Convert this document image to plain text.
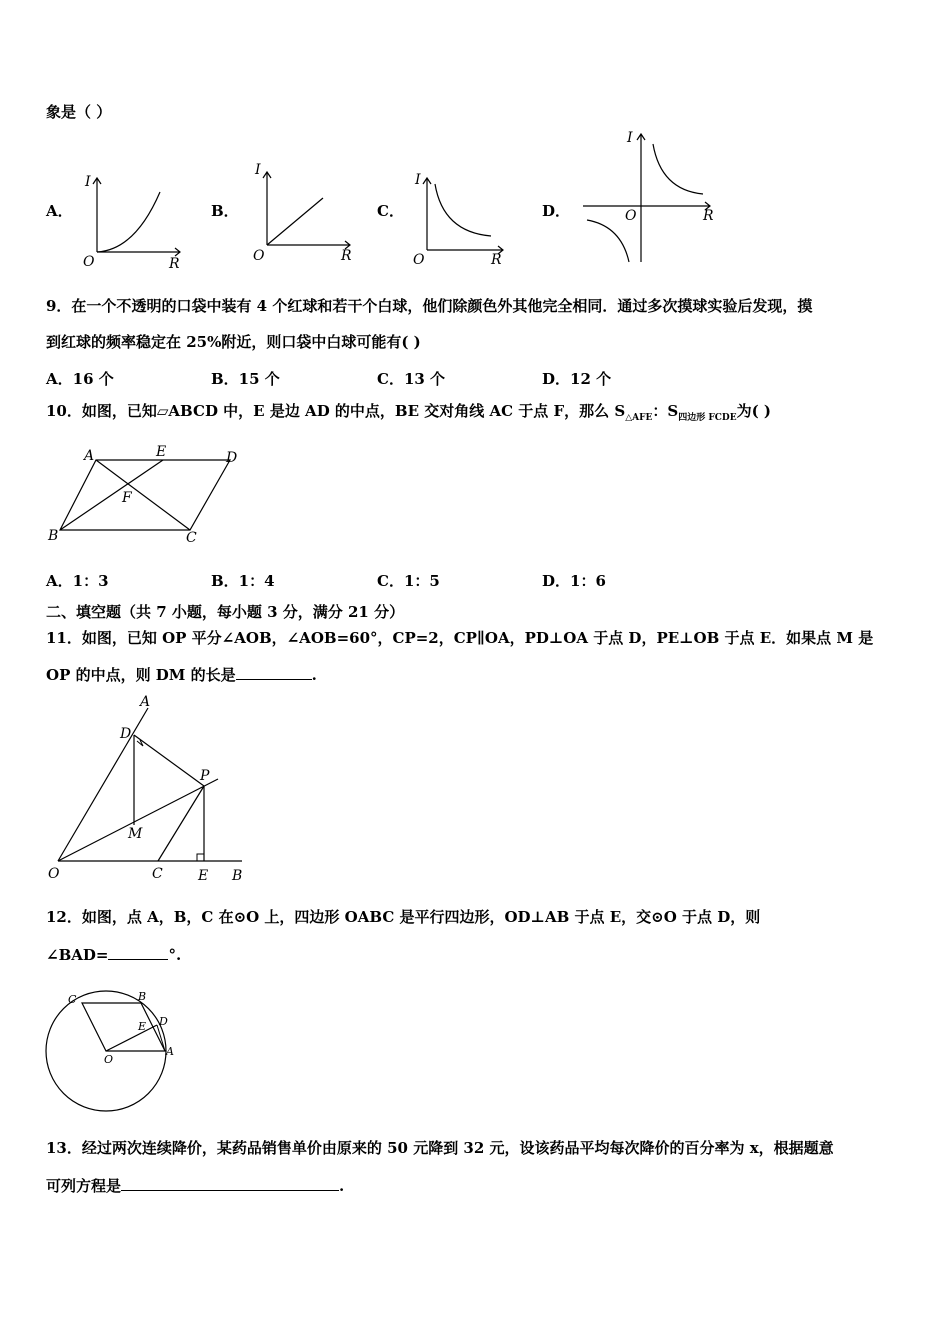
象是（ ）
A．	B．	C．	D．
I
R
O
I
R
O
I
R
O
I
R
O
9．在一个不透明的口袋中装有 4 个红球和若干个白球，他们除颜色外其他完全相同．通过多次摸球实验后发现，摸
到红球的频率稳定在 25%附近，则口袋中白球可能有( )
A．16 个	B．15 个	C．13 个	D．12 个
10．如图，已知▱ABCD 中，E 是边 AD 的中点，BE 交对角线 AC 于点 F，那么 $S_{\triangle AFE}$：$S_{四边形 FCDE}$为( )
A	E	D
F
B	C
A．1：3	B．1：4	C．1：5	D．1：6
二、填空题（共 7 小题，每小题 3 分，满分 21 分）
11．如图，已知 OP 平分∠AOB，∠AOB=60°，CP=2，CP∥OA，PD⊥OA 于点 D，PE⊥OB 于点 E．如果点 M 是
OP 的中点，则 DM 的长是	.
A
D
P
M
O	C	E B
12．如图，点 A，B，C 在⊙O 上，四边形 OABC 是平行四边形，OD⊥AB 于点 E，交⊙O 于点 D，则
∠BAD=	°.
C	B
E D
O
A
13．经过两次连续降价，某药品销售单价由原来的 50 元降到 32 元，设该药品平均每次降价的百分率为 x，根据题意
可列方程是	.
